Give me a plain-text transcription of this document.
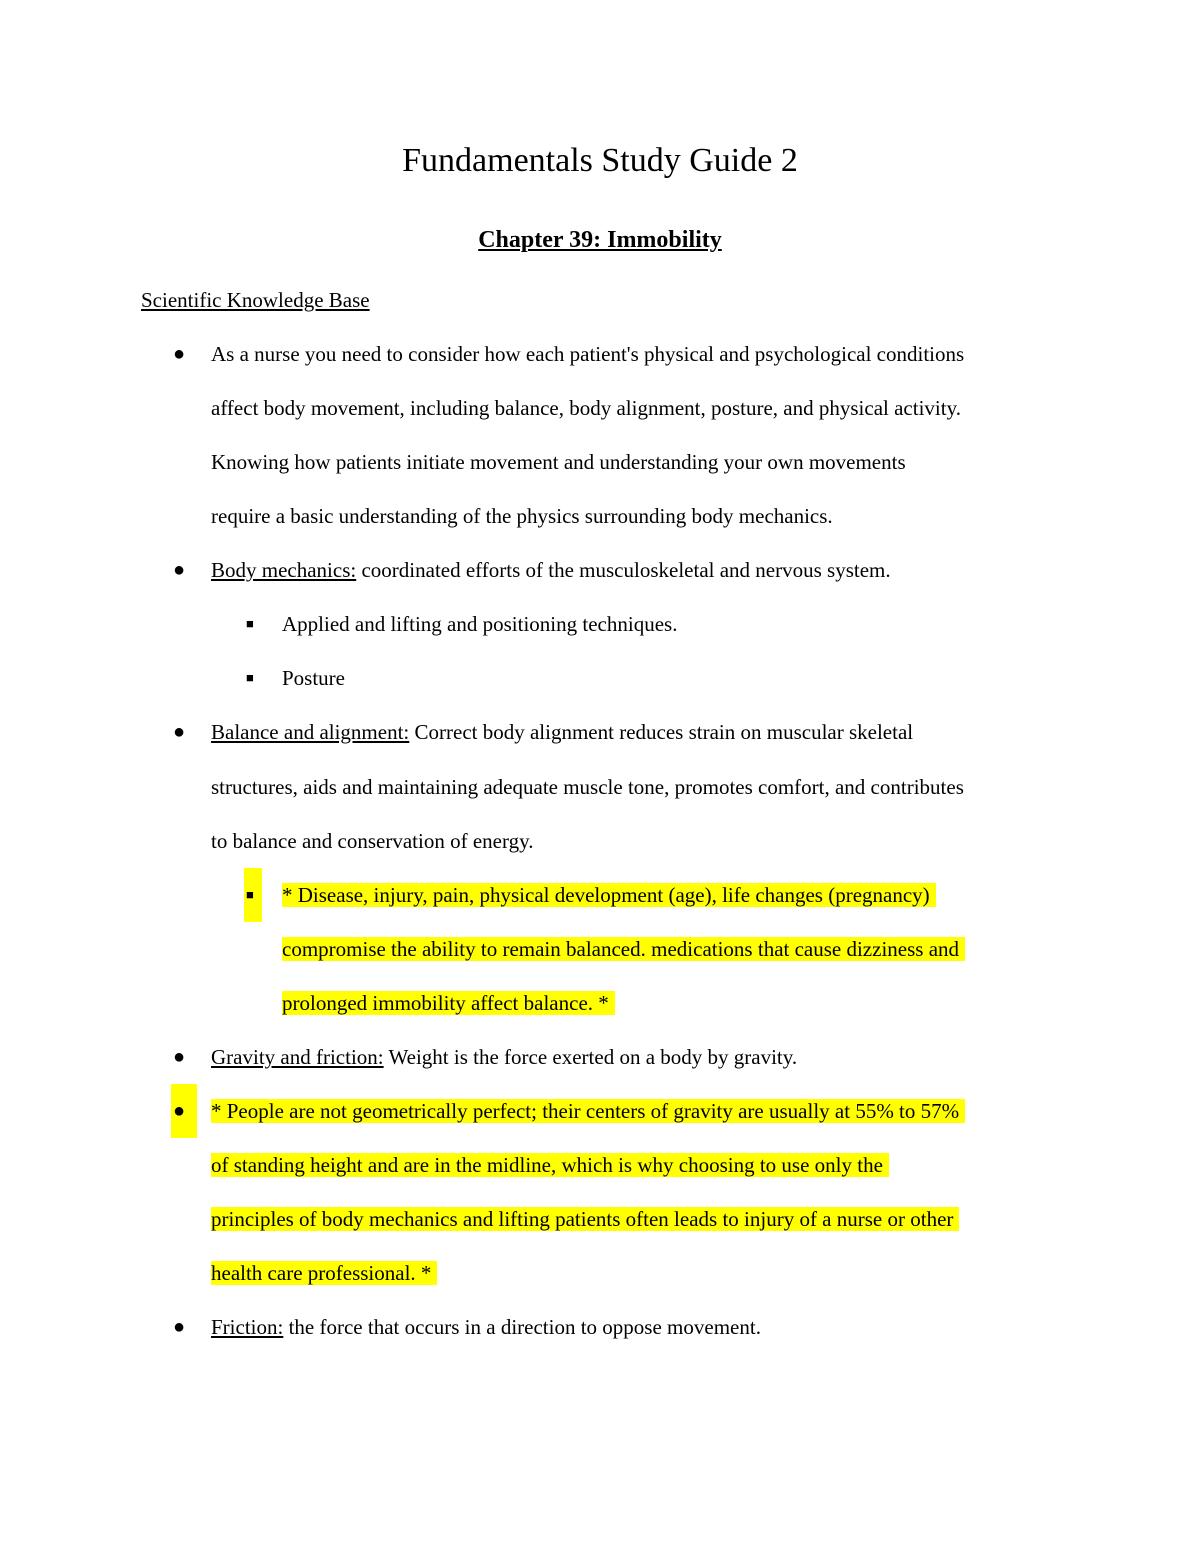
Fundamentals Study Guide 2
Chapter 39: Immobility
Scientific Knowledge Base
● As a nurse you need to consider how each patient's physical and psychological conditions
affect body movement, including balance, body alignment, posture, and physical activity.
Knowing how patients initiate movement and understanding your own movements
require a basic understanding of the physics surrounding body mechanics.
● Body mechanics: coordinated efforts of the musculoskeletal and nervous system.
■ Applied and lifting and positioning techniques.
■ Posture
● Balance and alignment: Correct body alignment reduces strain on muscular skeletal
structures, aids and maintaining adequate muscle tone, promotes comfort, and contributes
to balance and conservation of energy.
■	* Disease, injury, pain, physical development (age), life changes (pregnancy)
compromise the ability to remain balanced. medications that cause dizziness and
prolonged immobility affect balance. *
● Gravity and friction: Weight is the force exerted on a body by gravity.
●	* People are not geometrically perfect; their centers of gravity are usually at 55% to 57%
of standing height and are in the midline, which is why choosing to use only the
principles of body mechanics and lifting patients often leads to injury of a nurse or other
health care professional. *
● Friction: the force that occurs in a direction to oppose movement.
